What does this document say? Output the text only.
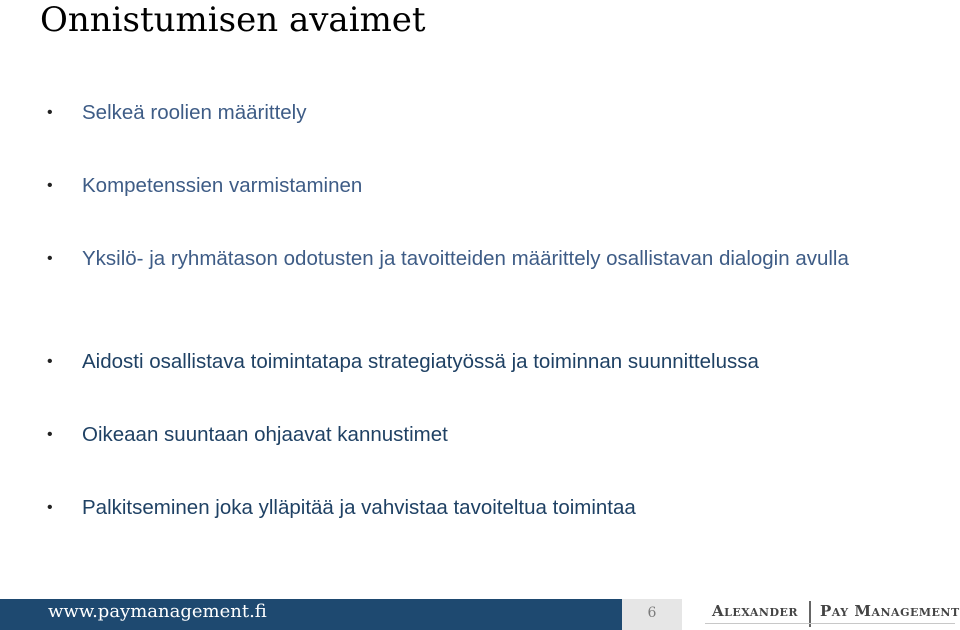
Onnistumisen avaimet
• Selkeä roolien määrittely
• Kompetenssien varmistaminen
• Yksilö- ja ryhmätason odotusten ja tavoitteiden määrittely osallistavan dialogin avulla
• Aidosti osallistava toimintatapa strategiatyössä ja toiminnan suunnittelussa
• Oikeaan suuntaan ohjaavat kannustimet
• Palkitseminen joka ylläpitää ja vahvistaa tavoiteltua toimintaa
www.paymanagement.fi	6	Alexander Pay Management
